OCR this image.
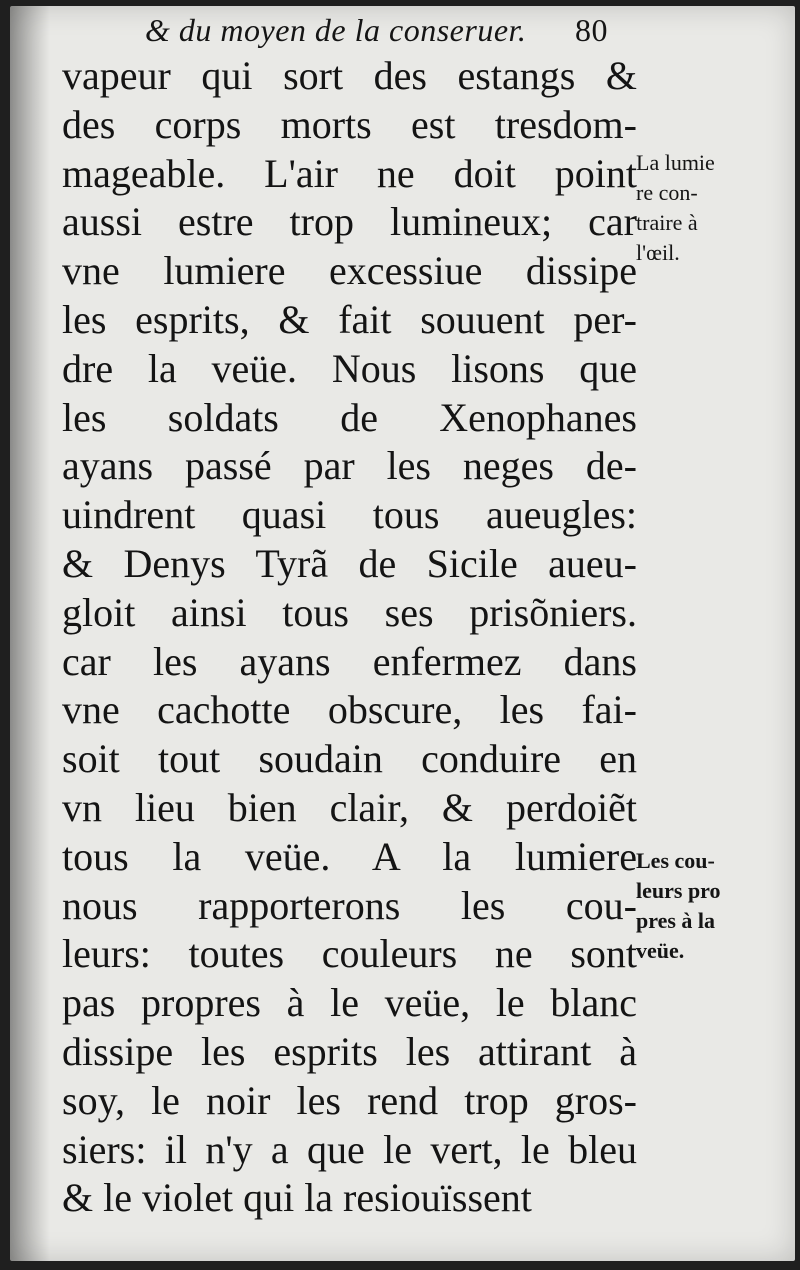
& du moyen de la conseruer. 80
vapeur qui sort des estangs &
des corps morts est tresdom-
mageable. L'air ne doit point
aussi estre trop lumineux; car
vne lumiere excessiue dissipe
les esprits, & fait souuent per-
dre la veüe. Nous lisons que
les soldats de Xenophanes
ayans passé par les neges de-
uindrent quasi tous aueugles:
& Denys Tyrã de Sicile aueu-
gloit ainsi tous ses prisõniers.
car les ayans enfermez dans
vne cachotte obscure, les fai-
soit tout soudain conduire en
vn lieu bien clair, & perdoiẽt
tous la veüe. A la lumiere
nous rapporterons les cou-
leurs: toutes couleurs ne sont
pas propres à le veüe, le blanc
dissipe les esprits les attirant à
soy, le noir les rend trop gros-
siers: il n'y a que le vert, le bleu
& le violet qui la resiouïssent
La lumie
re con-
traire à
l'œil.
Les cou-
leurs pro
pres à la
veüe.
